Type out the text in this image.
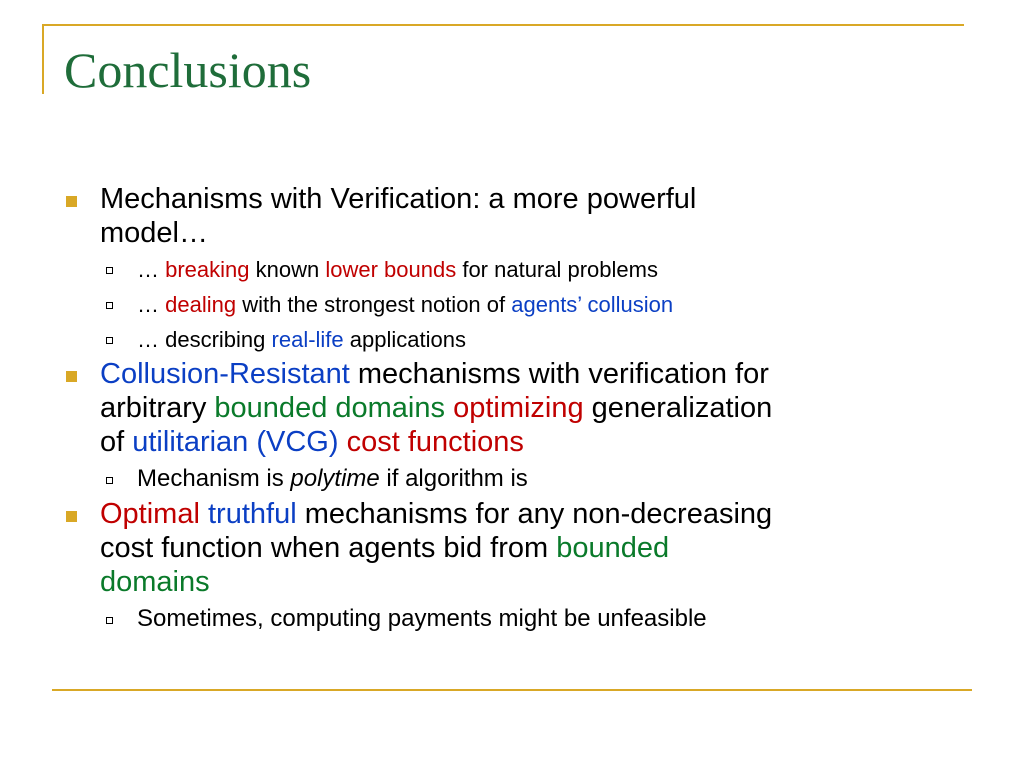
Conclusions
Mechanisms with Verification: a more powerful
model…
… breaking known lower bounds for natural problems
… dealing with the strongest notion of agents’ collusion
… describing real-life applications
Collusion-Resistant mechanisms with verification for
arbitrary bounded domains optimizing generalization
of utilitarian (VCG) cost functions
Mechanism is polytime if algorithm is
Optimal truthful mechanisms for any non-decreasing
cost function when agents bid from bounded
domains
Sometimes, computing payments might be unfeasible
